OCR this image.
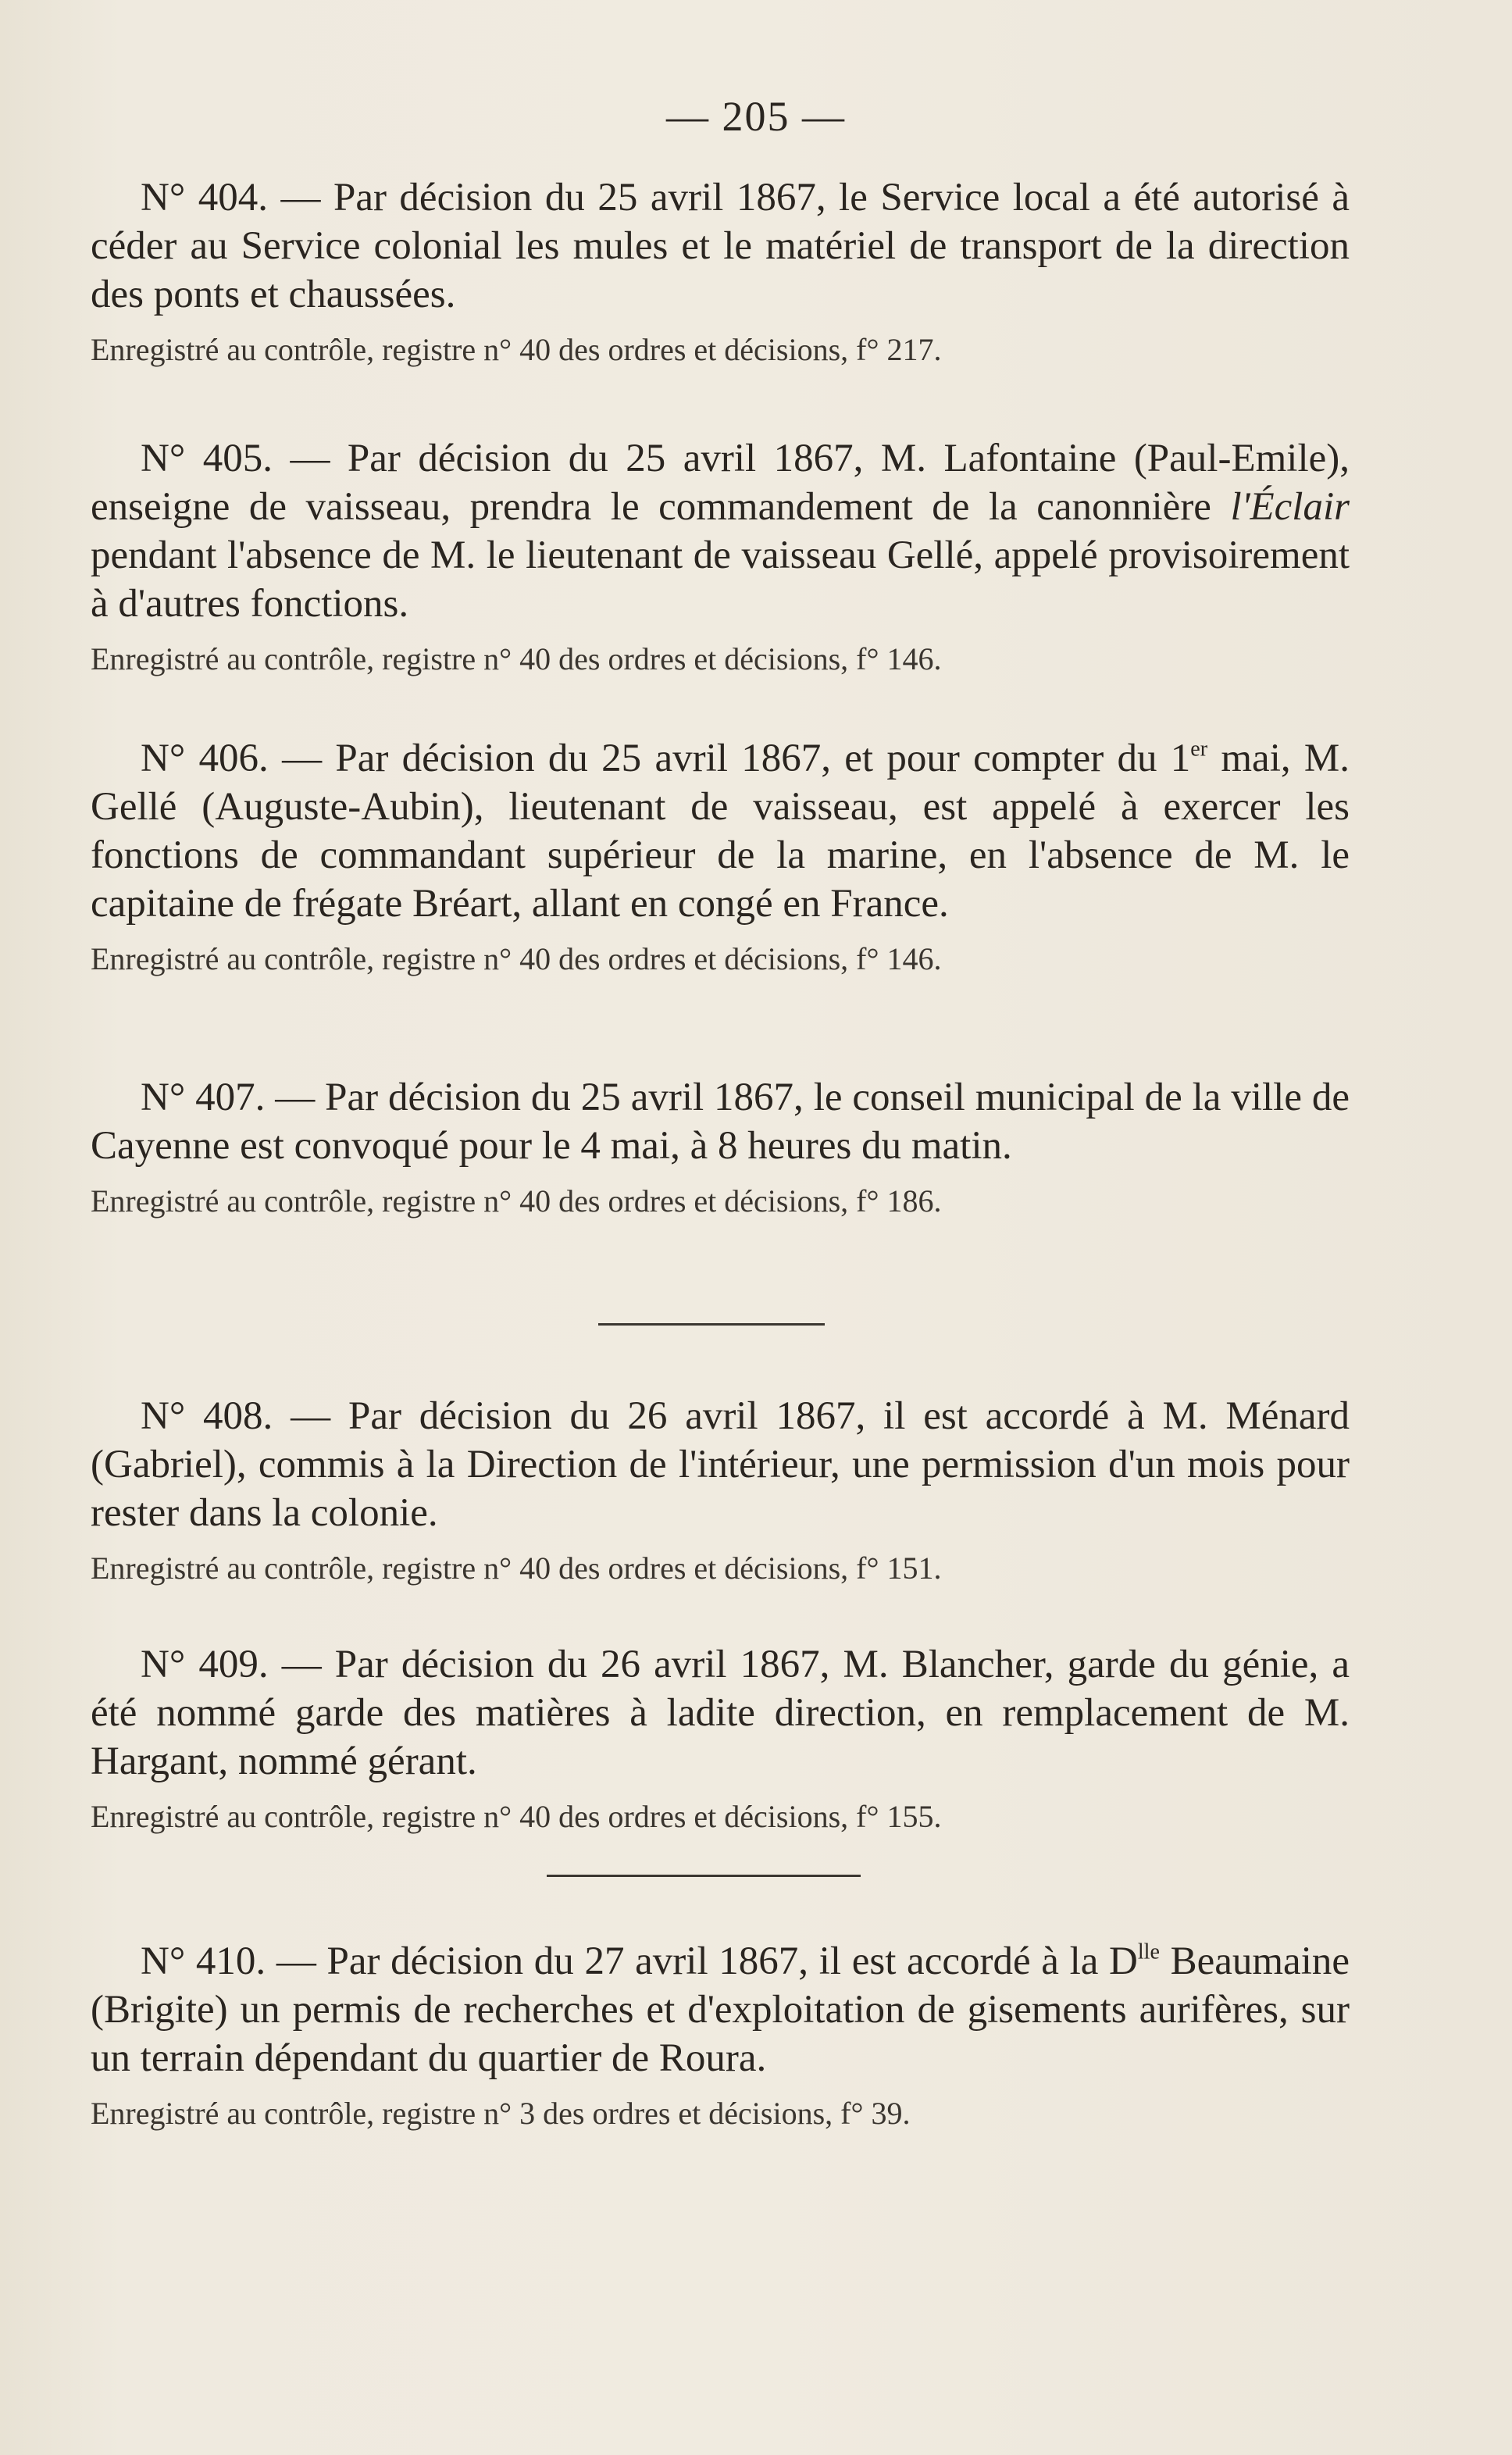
— 205 —

N° 404. — Par décision du 25 avril 1867, le Service local a été autorisé à céder au Service colonial les mules et le matériel de transport de la direction des ponts et chaussées.

Enregistré au contrôle, registre n° 40 des ordres et décisions, f° 217.

N° 405. — Par décision du 25 avril 1867, M. Lafontaine (Paul-Emile), enseigne de vaisseau, prendra le commandement de la canonnière l'Éclair pendant l'absence de M. le lieutenant de vaisseau Gellé, appelé provisoirement à d'autres fonctions.

Enregistré au contrôle, registre n° 40 des ordres et décisions, f° 146.

N° 406. — Par décision du 25 avril 1867, et pour compter du 1er mai, M. Gellé (Auguste-Aubin), lieutenant de vaisseau, est appelé à exercer les fonctions de commandant supérieur de la marine, en l'absence de M. le capitaine de frégate Bréart, allant en congé en France.

Enregistré au contrôle, registre n° 40 des ordres et décisions, f° 146.

N° 407. — Par décision du 25 avril 1867, le conseil municipal de la ville de Cayenne est convoqué pour le 4 mai, à 8 heures du matin.

Enregistré au contrôle, registre n° 40 des ordres et décisions, f° 186.

N° 408. — Par décision du 26 avril 1867, il est accordé à M. Ménard (Gabriel), commis à la Direction de l'intérieur, une permission d'un mois pour rester dans la colonie.

Enregistré au contrôle, registre n° 40 des ordres et décisions, f° 151.

N° 409. — Par décision du 26 avril 1867, M. Blancher, garde du génie, a été nommé garde des matières à ladite direction, en remplacement de M. Hargant, nommé gérant.

Enregistré au contrôle, registre n° 40 des ordres et décisions, f° 155.

N° 410. — Par décision du 27 avril 1867, il est accordé à la $D^{lle}$ Beaumaine (Brigite) un permis de recherches et d'exploitation de gisements aurifères, sur un terrain dépendant du quartier de Roura.

Enregistré au contrôle, registre n° 3 des ordres et décisions, f° 39.
